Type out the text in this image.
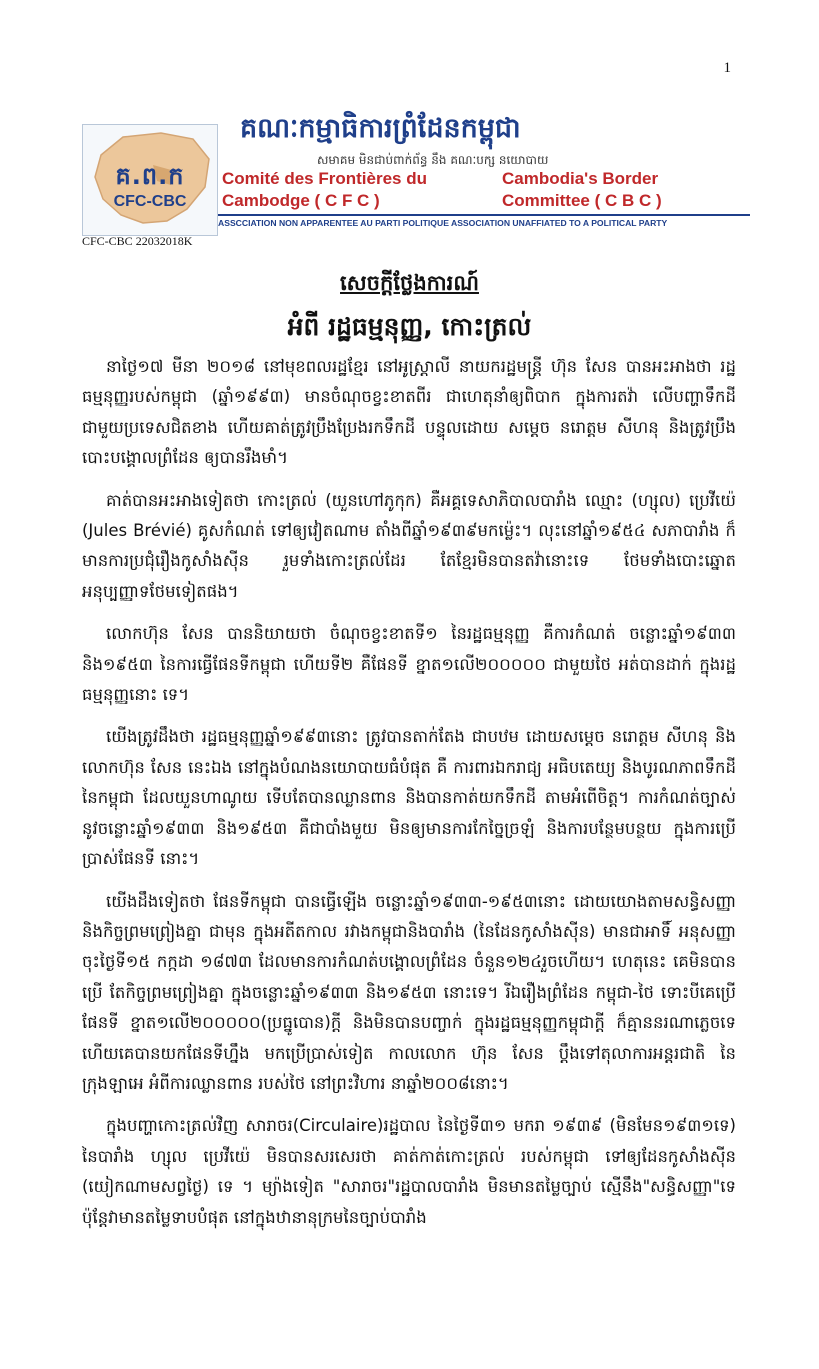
1
គ.ព.ក
CFC-CBC
គណៈកម្មាធិការព្រំដែនកម្ពុជា
សមាគម មិនជាប់ពាក់ព័ន្ធ នឹង គណៈបក្ស នយោបាយ
Comité des Frontières du Cambodge ( C F C )
Cambodia's Border Committee ( C B C )
ASSCCIATION NON APPARENTEE AU PARTI POLITIQUE ASSOCIATION UNAFFIATED TO A POLITICAL PARTY
CFC-CBC 22032018K
សេចក្តីថ្លែងការណ៍
អំពី រដ្ឋធម្មនុញ្ញ, កោះត្រល់

នាថ្ងៃ១៧ មីនា ២០១៨ នៅមុខពលរដ្ឋខ្មែរ នៅអូស្ត្រាលី នាយករដ្ឋមន្ត្រី ហ៊ុន សែន បានអះអាងថា រដ្ឋធម្មនុញ្ញរបស់កម្ពុជា (ឆ្នាំ១៩៩៣) មានចំណុចខ្វះខាតពីរ ជាហេតុនាំឲ្យពិបាក ក្នុងការតវ៉ា លើបញ្ហាទឹកដី ជាមួយប្រទេសជិតខាង ហើយគាត់ត្រូវប្រឹងប្រែងរកទឹកដី បន្ទុលដោយ សម្តេច នរោត្តម សីហនុ និងត្រូវប្រឹងបោះបង្គោលព្រំដែន ឲ្យបានរឹងមាំ។

គាត់បានអះអាងទៀតថា កោះត្រល់ (យួនហៅភូកុក) គឺអគ្គទេសាភិបាលបារាំង ឈ្មោះ (ហ្សុល) ប្រេវីយ៉េ (Jules Brévié) គូសកំណត់ ទៅឲ្យវៀតណាម តាំងពីឆ្នាំ១៩៣៩មកម្ល៉េះ។ លុះនៅឆ្នាំ១៩៥៤ សភាបារាំង ក៏មានការប្រជុំរឿងកូសាំងស៊ីន រួមទាំងកោះត្រល់ដែរ តែខ្មែរមិនបានតវ៉ានោះទេ ថែមទាំងបោះឆ្នោតអនុប្បញ្ញាទថែមទៀតផង។

លោកហ៊ុន សែន បាននិយាយថា ចំណុចខ្វះខាតទី១ នៃរដ្ឋធម្មនុញ្ញ គឺការកំណត់ ចន្លោះឆ្នាំ១៩៣៣ និង១៩៥៣ នៃការធ្វើផែនទីកម្ពុជា ហើយទី២ គឺផែនទី ខ្នាត១លើ២០០០០០ ជាមួយថៃ អត់បានដាក់ ក្នុងរដ្ឋធម្មនុញ្ញនោះ ទេ។

យើងត្រូវដឹងថា រដ្ឋធម្មនុញ្ញឆ្នាំ១៩៩៣នោះ ត្រូវបានតាក់តែង ជាបឋម ដោយសម្តេច នរោត្តម សីហនុ និងលោកហ៊ុន សែន នេះឯង នៅក្នុងបំណងនយោបាយធំបំផុត គឺ ការពារឯករាជ្យ អធិបតេយ្យ និងបូរណភាពទឹកដី នៃកម្ពុជា ដែលយួនហាណូយ ទើបតែបានឈ្លានពាន និងបានកាត់យកទឹកដី តាមអំពើចិត្ត។ ការកំណត់ច្បាស់ នូវចន្លោះឆ្នាំ១៩៣៣ និង១៩៥៣ គឺជាបាំងមួយ មិនឲ្យមានការកែច្នៃច្រឡំ និងការបន្ថែមបន្ថយ ក្នុងការប្រើប្រាស់ផែនទី នោះ។

យើងដឹងទៀតថា ផែនទីកម្ពុជា បានធ្វើឡើង ចន្លោះឆ្នាំ១៩៣៣-១៩៥៣នោះ ដោយយោងតាមសន្ធិសញ្ញានិងកិច្ចព្រមព្រៀងគ្នា ជាមុន ក្នុងអតីតកាល រវាងកម្ពុជានិងបារាំង (នៃដែនកូសាំងស៊ីន) មានជាអាទិ៍ អនុសញ្ញាចុះថ្ងៃទី១៥ កក្កដា ១៨៧៣ ដែលមានការកំណត់បង្គោលព្រំដែន ចំនួន១២៤រួចហើយ។ ហេតុនេះ គេមិនបានប្រើ តែកិច្ចព្រមព្រៀងគ្នា ក្នុងចន្លោះឆ្នាំ១៩៣៣ និង១៩៥៣ នោះទេ។ រីឯរឿងព្រំដែន កម្ពុជា-ថៃ ទោះបីគេប្រើផែនទី ខ្នាត១លើ២០០០០០(ប្រធ្នូបោន)ក្តី និងមិនបានបញ្ចាក់ ក្នុងរដ្ឋធម្មនុញ្ញកម្ពុជាក្តី ក៏គ្មាននរណាភ្លេចទេ ហើយគេបានយកផែនទីហ្នឹង មកប្រើប្រាស់ទៀត កាលលោក ហ៊ុន សែន ប្តឹងទៅតុលាការអន្តរជាតិ នៃក្រុងឡាអេ អំពីការឈ្លានពាន របស់ថៃ នៅព្រះវិហារ នាឆ្នាំ២០០៨នោះ។

ក្នុងបញ្ហាកោះត្រល់វិញ សារាចរ(Circulaire)រដ្ឋបាល នៃថ្ងៃទី៣១ មករា ១៩៣៩ (មិនមែន១៩៣១ទេ) នៃបារាំង ហ្សុល ប្រេវីយ៉េ មិនបានសរសេរថា គាត់កាត់កោះត្រល់ របស់កម្ពុជា ទៅឲ្យដែនកូសាំងស៊ីន (យៀកណាមសព្វថ្ងៃ) ទេ ។ ម្យ៉ាងទៀត "សារាចរ"រដ្ឋបាលបារាំង មិនមានតម្លៃច្បាប់ ស្មើនឹង"សន្ធិសញ្ញា"ទេ ប៉ុន្តែវាមានតម្លៃទាបបំផុត នៅក្នុងឋានានុក្រមនៃច្បាប់បារាំង
